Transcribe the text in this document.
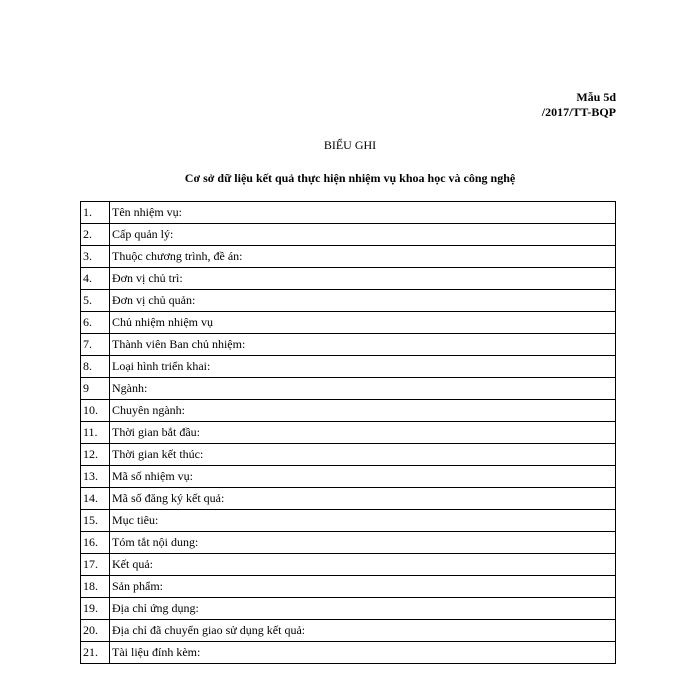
Mẫu 5d
/2017/TT-BQP
BIỂU GHI
Cơ sở dữ liệu kết quả thực hiện nhiệm vụ khoa học và công nghệ
1.	Tên nhiệm vụ:
2.	Cấp quản lý:
3.	Thuộc chương trình, đề án:
4.	Đơn vị chủ trì:
5.	Đơn vị chủ quản:
6.	Chủ nhiệm nhiệm vụ
7.	Thành viên Ban chủ nhiệm:
8.	Loại hình triển khai:
9	Ngành:
10.	Chuyên ngành:
11.	Thời gian bắt đầu:
12.	Thời gian kết thúc:
13.	Mã số nhiệm vụ:
14.	Mã số đăng ký kết quả:
15.	Mục tiêu:
16.	Tóm tắt nội dung:
17.	Kết quả:
18.	Sản phẩm:
19.	Địa chỉ ứng dụng:
20.	Địa chỉ đã chuyển giao sử dụng kết quả:
21.	Tài liệu đính kèm:
